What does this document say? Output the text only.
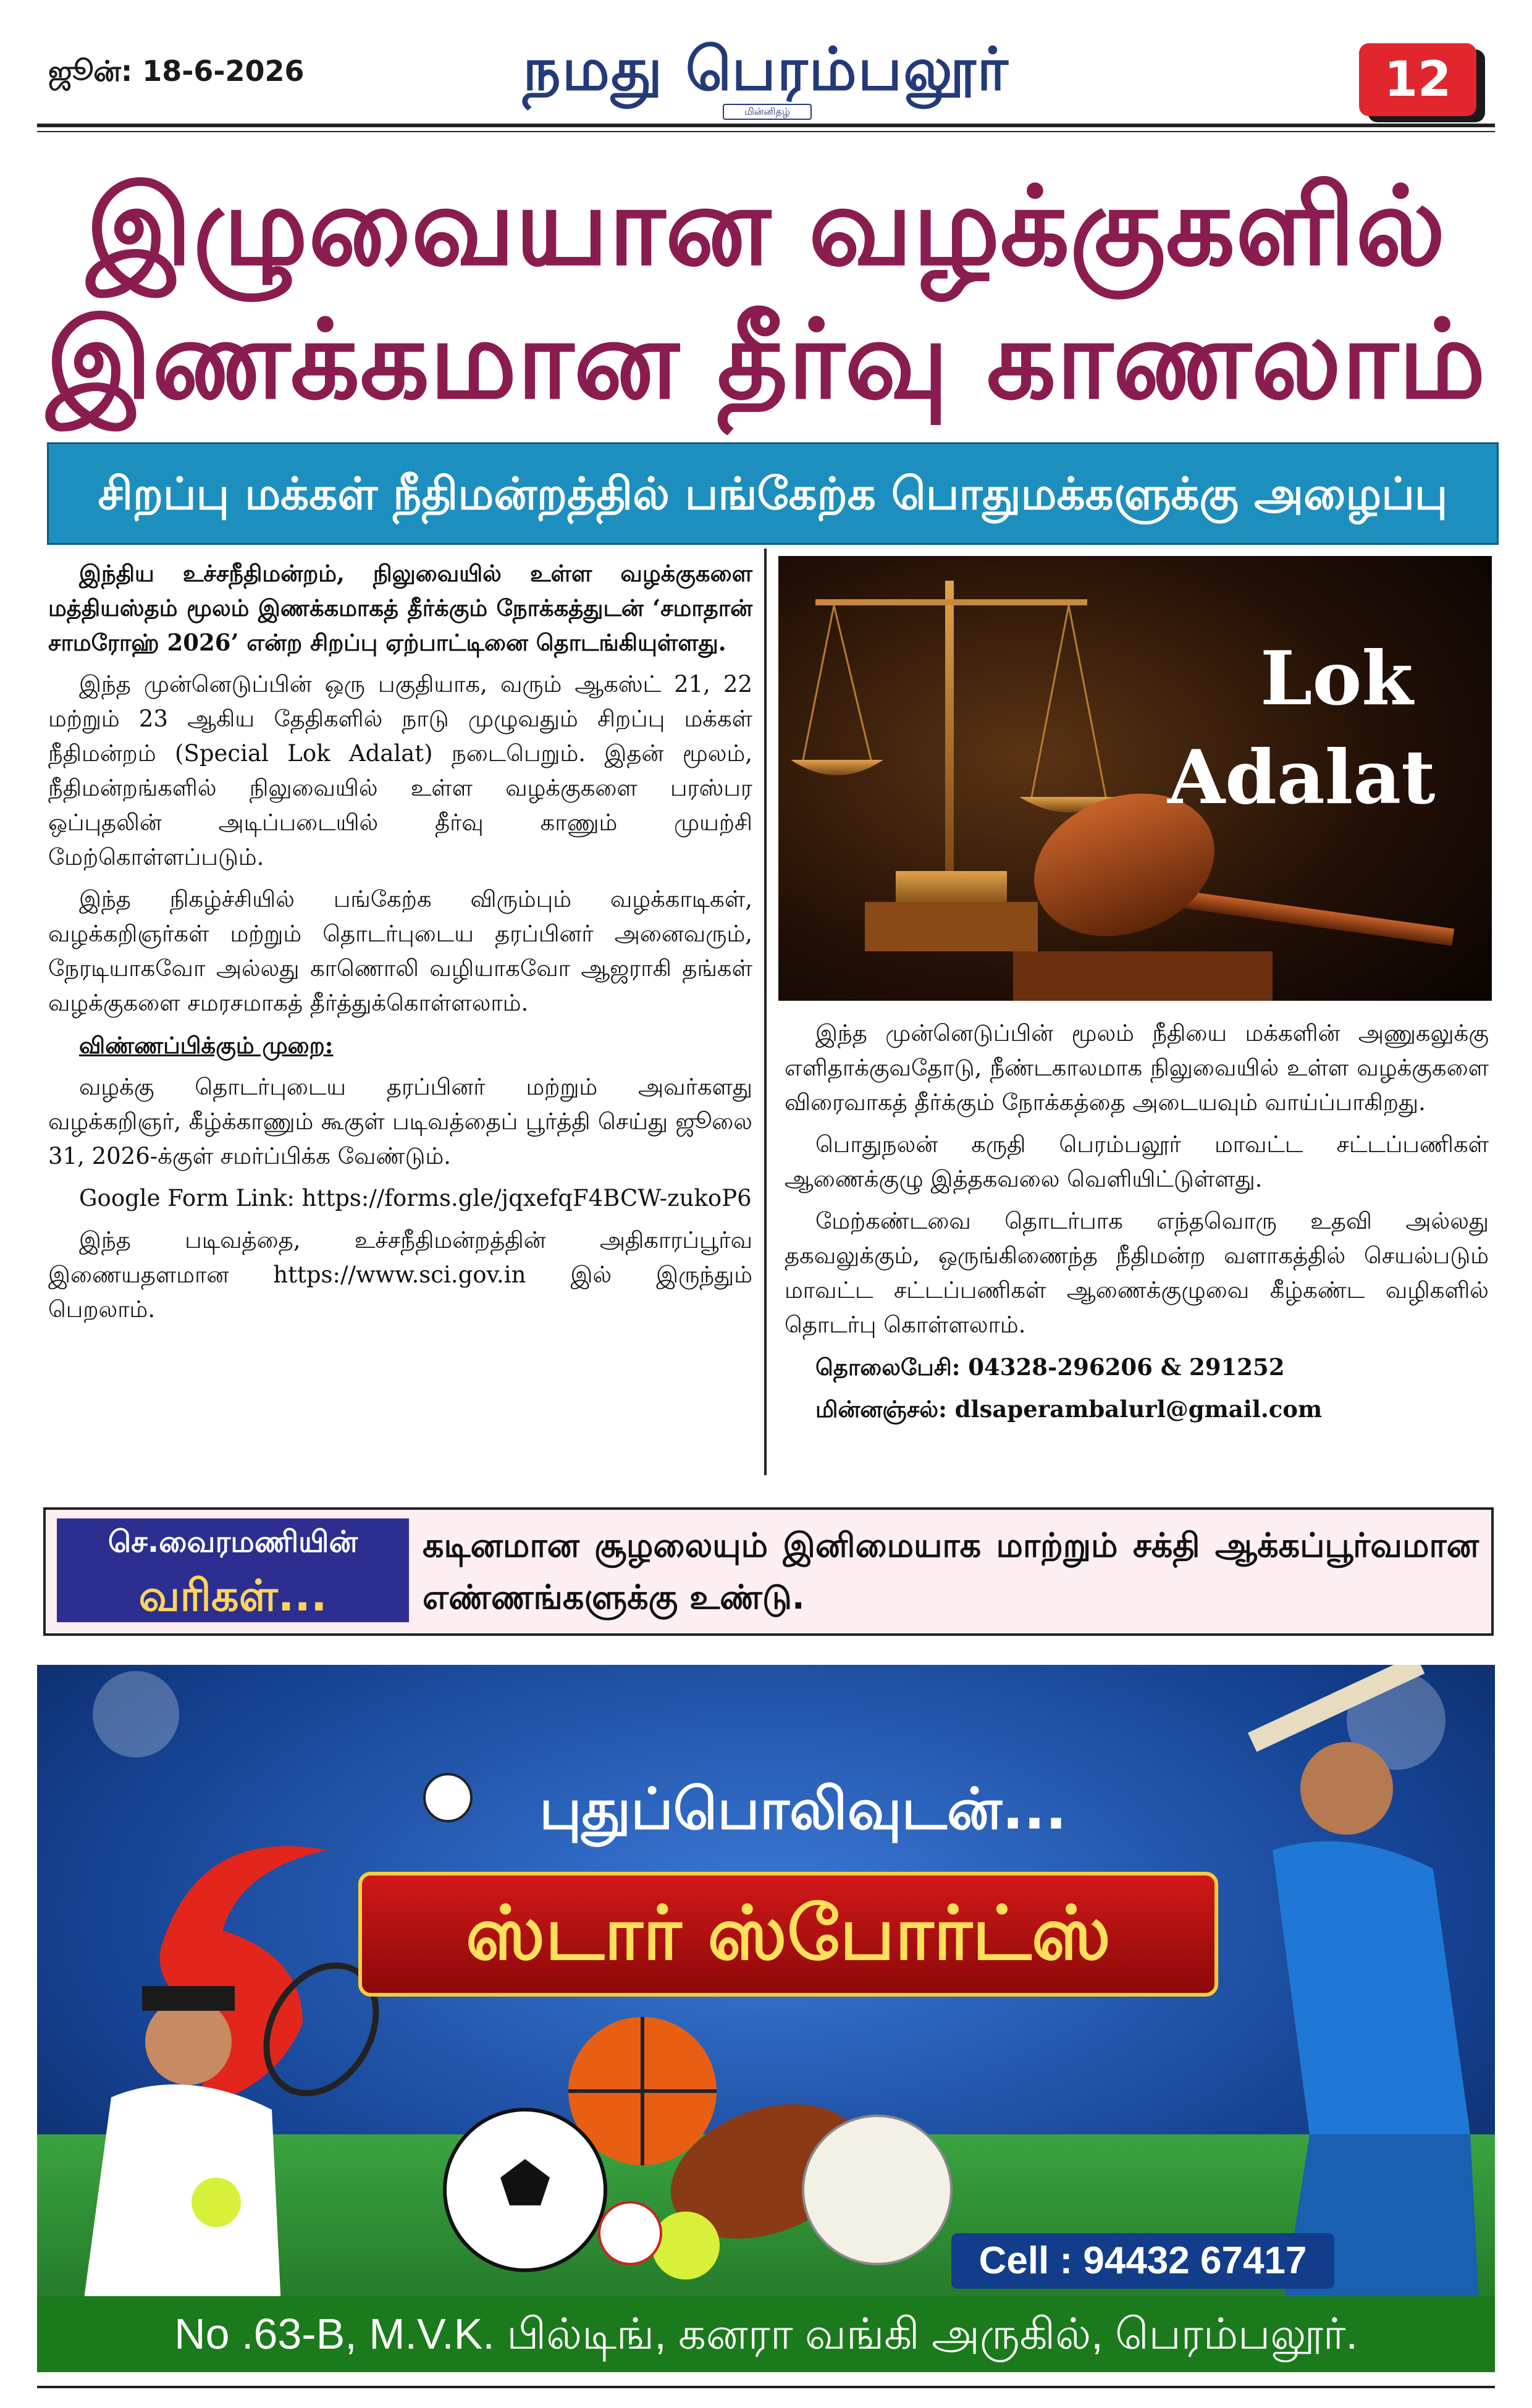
ஜூன்: 18-6-2026	நமது பெரம்பலூர்
மின்னிதழ்
12
இழுவையான வழக்குகளில்
இணக்கமான தீர்வு காணலாம்
சிறப்பு மக்கள் நீதிமன்றத்தில் பங்கேற்க பொதுமக்களுக்கு அழைப்பு

இந்திய உச்சநீதிமன்றம், நிலுவையில் உள்ள வழக்குகளை மத்தியஸ்தம் மூலம் இணக்கமாகத் தீர்க்கும் நோக்கத்துடன் ‘சமாதான் சாமரோஹ் 2026’ என்ற சிறப்பு ஏற்பாட்டினை தொடங்கியுள்ளது.

இந்த முன்னெடுப்பின் ஒரு பகுதியாக, வரும் ஆகஸ்ட் 21, 22 மற்றும் 23 ஆகிய தேதிகளில் நாடு முழுவதும் சிறப்பு மக்கள் நீதிமன்றம் (Special Lok Adalat) நடைபெறும். இதன் மூலம், நீதிமன்றங்களில் நிலுவையில் உள்ள வழக்குகளை பரஸ்பர ஒப்புதலின் அடிப்படையில் தீர்வு காணும் முயற்சி மேற்கொள்ளப்படும்.

இந்த நிகழ்ச்சியில் பங்கேற்க விரும்பும் வழக்காடிகள், வழக்கறிஞர்கள் மற்றும் தொடர்புடைய தரப்பினர் அனைவரும், நேரடியாகவோ அல்லது காணொலி வழியாகவோ ஆஜராகி தங்கள் வழக்குகளை சமரசமாகத் தீர்த்துக்கொள்ளலாம்.

விண்ணப்பிக்கும் முறை:

வழக்கு தொடர்புடைய தரப்பினர் மற்றும் அவர்களது வழக்கறிஞர், கீழ்க்காணும் கூகுள் படிவத்தைப் பூர்த்தி செய்து ஜூலை 31, 2026-க்குள் சமர்ப்பிக்க வேண்டும்.

Google Form Link: https://forms.gle/jqxefqF4BCW-zukoP6

இந்த படிவத்தை, உச்சநீதிமன்றத்தின் அதிகாரப்பூர்வ இணையதளமான https://www.sci.gov.in இல் இருந்தும் பெறலாம்.

Lok
Adalat

இந்த முன்னெடுப்பின் மூலம் நீதியை மக்களின் அணுகலுக்கு எளிதாக்குவதோடு, நீண்டகாலமாக நிலுவையில் உள்ள வழக்குகளை விரைவாகத் தீர்க்கும் நோக்கத்தை அடையவும் வாய்ப்பாகிறது.

பொதுநலன் கருதி பெரம்பலூர் மாவட்ட சட்டப்பணிகள் ஆணைக்குழு இத்தகவலை வெளியிட்டுள்ளது.

மேற்கண்டவை தொடர்பாக எந்தவொரு உதவி அல்லது தகவலுக்கும், ஒருங்கிணைந்த நீதிமன்ற வளாகத்தில் செயல்படும் மாவட்ட சட்டப்பணிகள் ஆணைக்குழுவை கீழ்கண்ட வழிகளில் தொடர்பு கொள்ளலாம்.

தொலைபேசி: 04328-296206 & 291252

மின்னஞ்சல்: dlsaperambalurl@gmail.com

செ.வைரமணியின்
வரிகள்...
கடினமான சூழலையும் இனிமையாக மாற்றும் சக்தி ஆக்கப்பூர்வமான எண்ணங்களுக்கு உண்டு.
புதுப்பொலிவுடன்...
ஸ்டார் ஸ்போர்ட்ஸ்
Cell : 94432 67417
No .63-B, M.V.K. பில்டிங், கனரா வங்கி அருகில், பெரம்பலூர்.
